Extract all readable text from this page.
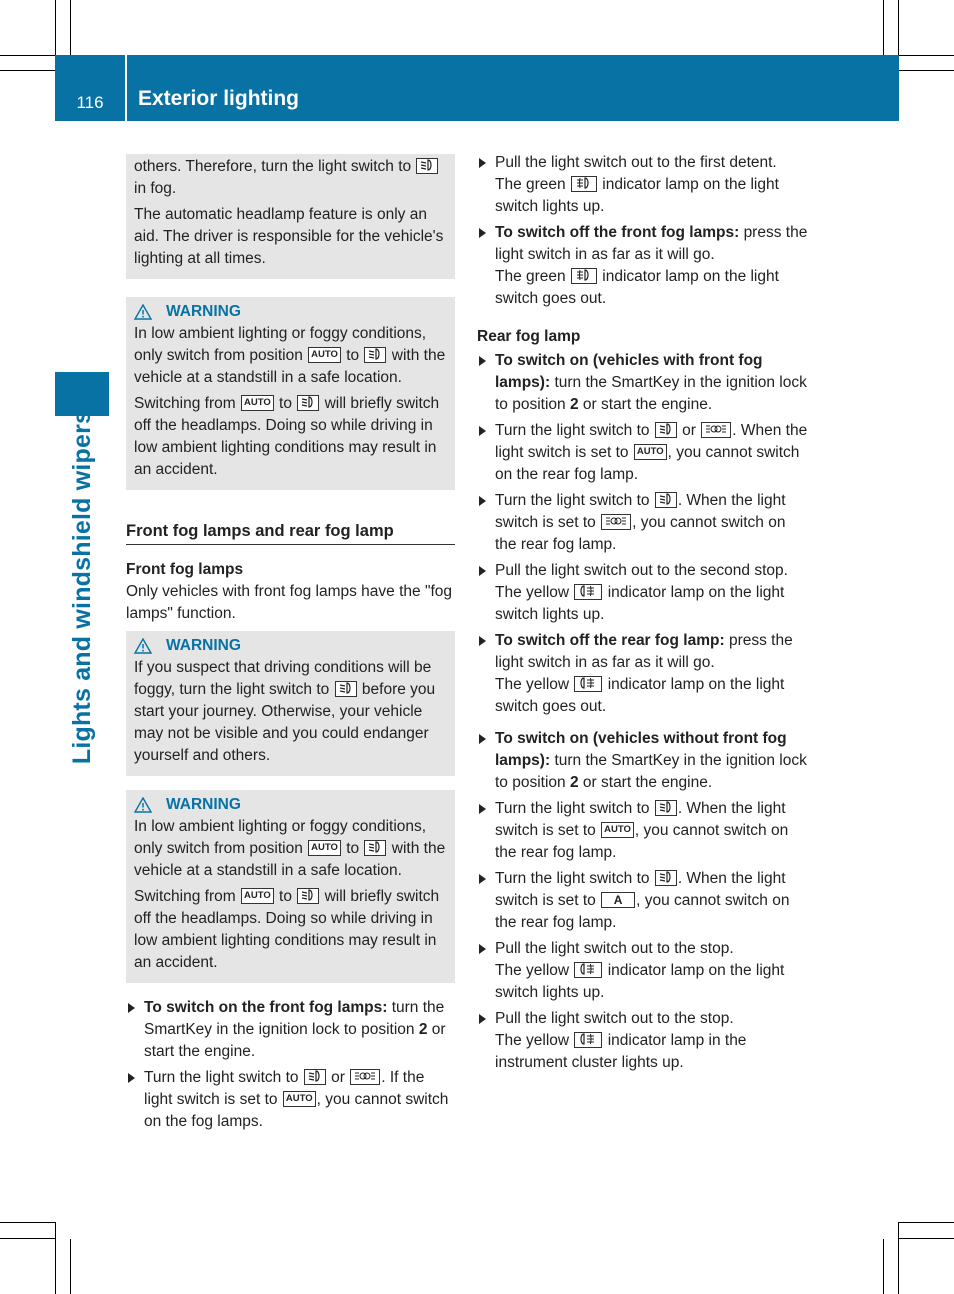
116	Exterior lighting
Lights and windshield wipers

others. Therefore, turn the light switch to
in fog.

The automatic headlamp feature is only an aid. The driver is responsible for the vehicle's lighting at all times.

WARNING

In low ambient lighting or foggy conditions, only switch from position AUTO to with the vehicle at a standstill in a safe location.

Switching from AUTO to will briefly switch off the headlamps. Doing so while driving in low ambient lighting conditions may result in an accident.

Front fog lamps and rear fog lamp

Front fog lamps

Only vehicles with front fog lamps have the "fog lamps" function.

WARNING

If you suspect that driving conditions will be foggy, turn the light switch to before you start your journey. Otherwise, your vehicle may not be visible and you could endanger yourself and others.

WARNING

In low ambient lighting or foggy conditions, only switch from position AUTO to with the vehicle at a standstill in a safe location.

Switching from AUTO to will briefly switch off the headlamps. Doing so while driving in low ambient lighting conditions may result in an accident.

To switch on the front fog lamps: turn the SmartKey in the ignition lock to position 2 or start the engine.
Turn the light switch to or . If the light switch is set to AUTO , you cannot switch on the fog lamps.
Pull the light switch out to the first detent.
The green indicator lamp on the light switch lights up.
To switch off the front fog lamps: press the light switch in as far as it will go.
The green indicator lamp on the light switch goes out.

Rear fog lamp

To switch on (vehicles with front fog lamps): turn the SmartKey in the ignition lock to position 2 or start the engine.
Turn the light switch to or . When the light switch is set to AUTO , you cannot switch on the rear fog lamp.
Turn the light switch to . When the light switch is set to , you cannot switch on the rear fog lamp.
Pull the light switch out to the second stop.
The yellow indicator lamp on the light switch lights up.
To switch off the rear fog lamp: press the light switch in as far as it will go.
The yellow indicator lamp on the light switch goes out.
To switch on (vehicles without front fog lamps): turn the SmartKey in the ignition lock to position 2 or start the engine.
Turn the light switch to . When the light switch is set to AUTO , you cannot switch on the rear fog lamp.
Turn the light switch to . When the light switch is set to A , you cannot switch on the rear fog lamp.
Pull the light switch out to the stop.
The yellow indicator lamp on the light switch lights up.
Pull the light switch out to the stop.
The yellow indicator lamp in the instrument cluster lights up.
